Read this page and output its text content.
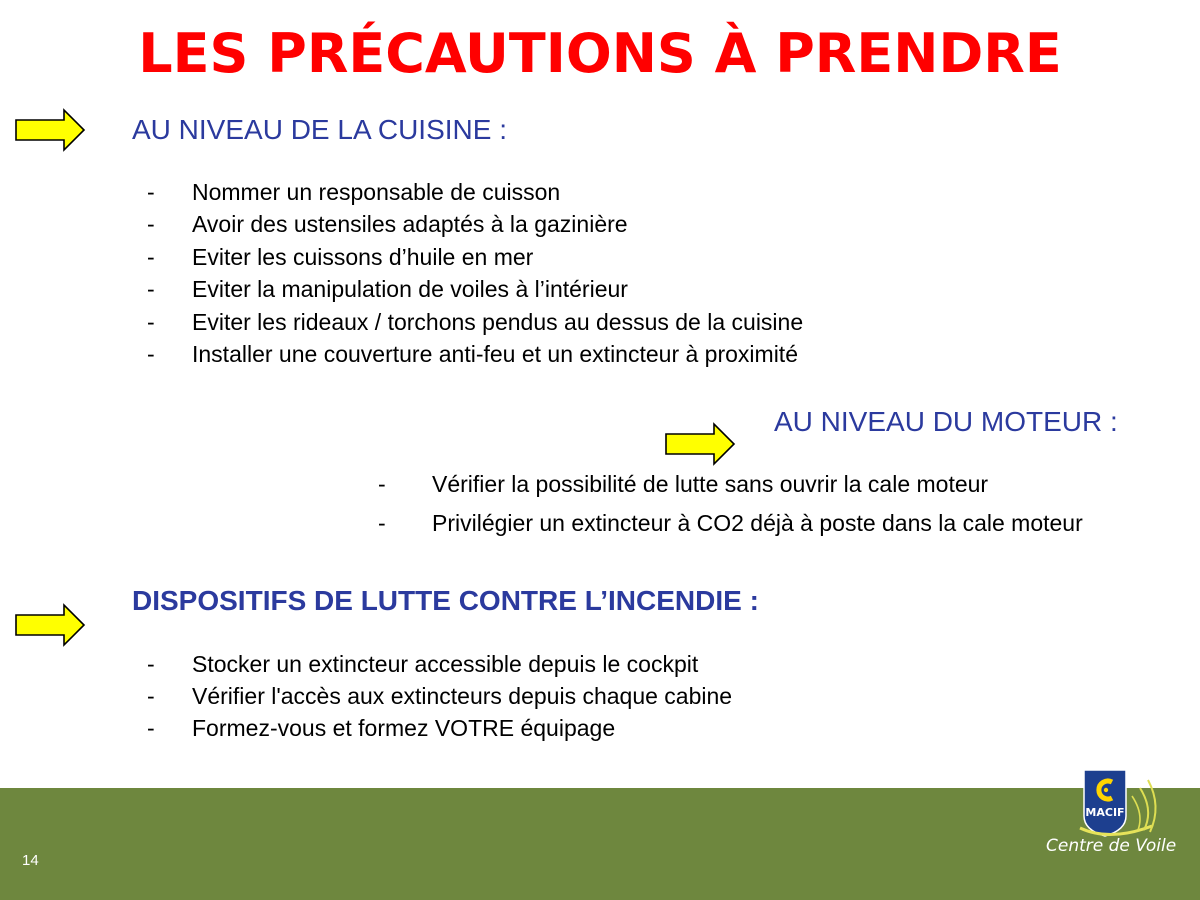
LES PRÉCAUTIONS À PRENDRE
AU NIVEAU DE LA CUISINE :
- Nommer un responsable de cuisson
- Avoir des ustensiles adaptés à la gazinière
- Eviter les cuissons d’huile en mer
- Eviter la manipulation de voiles à l’intérieur
- Eviter les rideaux / torchons pendus au dessus de la cuisine
- Installer une couverture anti-feu et un extincteur à proximité
AU NIVEAU DU MOTEUR :
- Vérifier la possibilité de lutte sans ouvrir la cale moteur
- Privilégier un extincteur à CO2 déjà à poste dans la cale moteur
DISPOSITIFS DE LUTTE CONTRE L’INCENDIE :
- Stocker un extincteur accessible depuis le cockpit
- Vérifier l'accès aux extincteurs depuis chaque cabine
- Formez-vous et formez VOTRE équipage
14
MACIF
Centre de Voile
